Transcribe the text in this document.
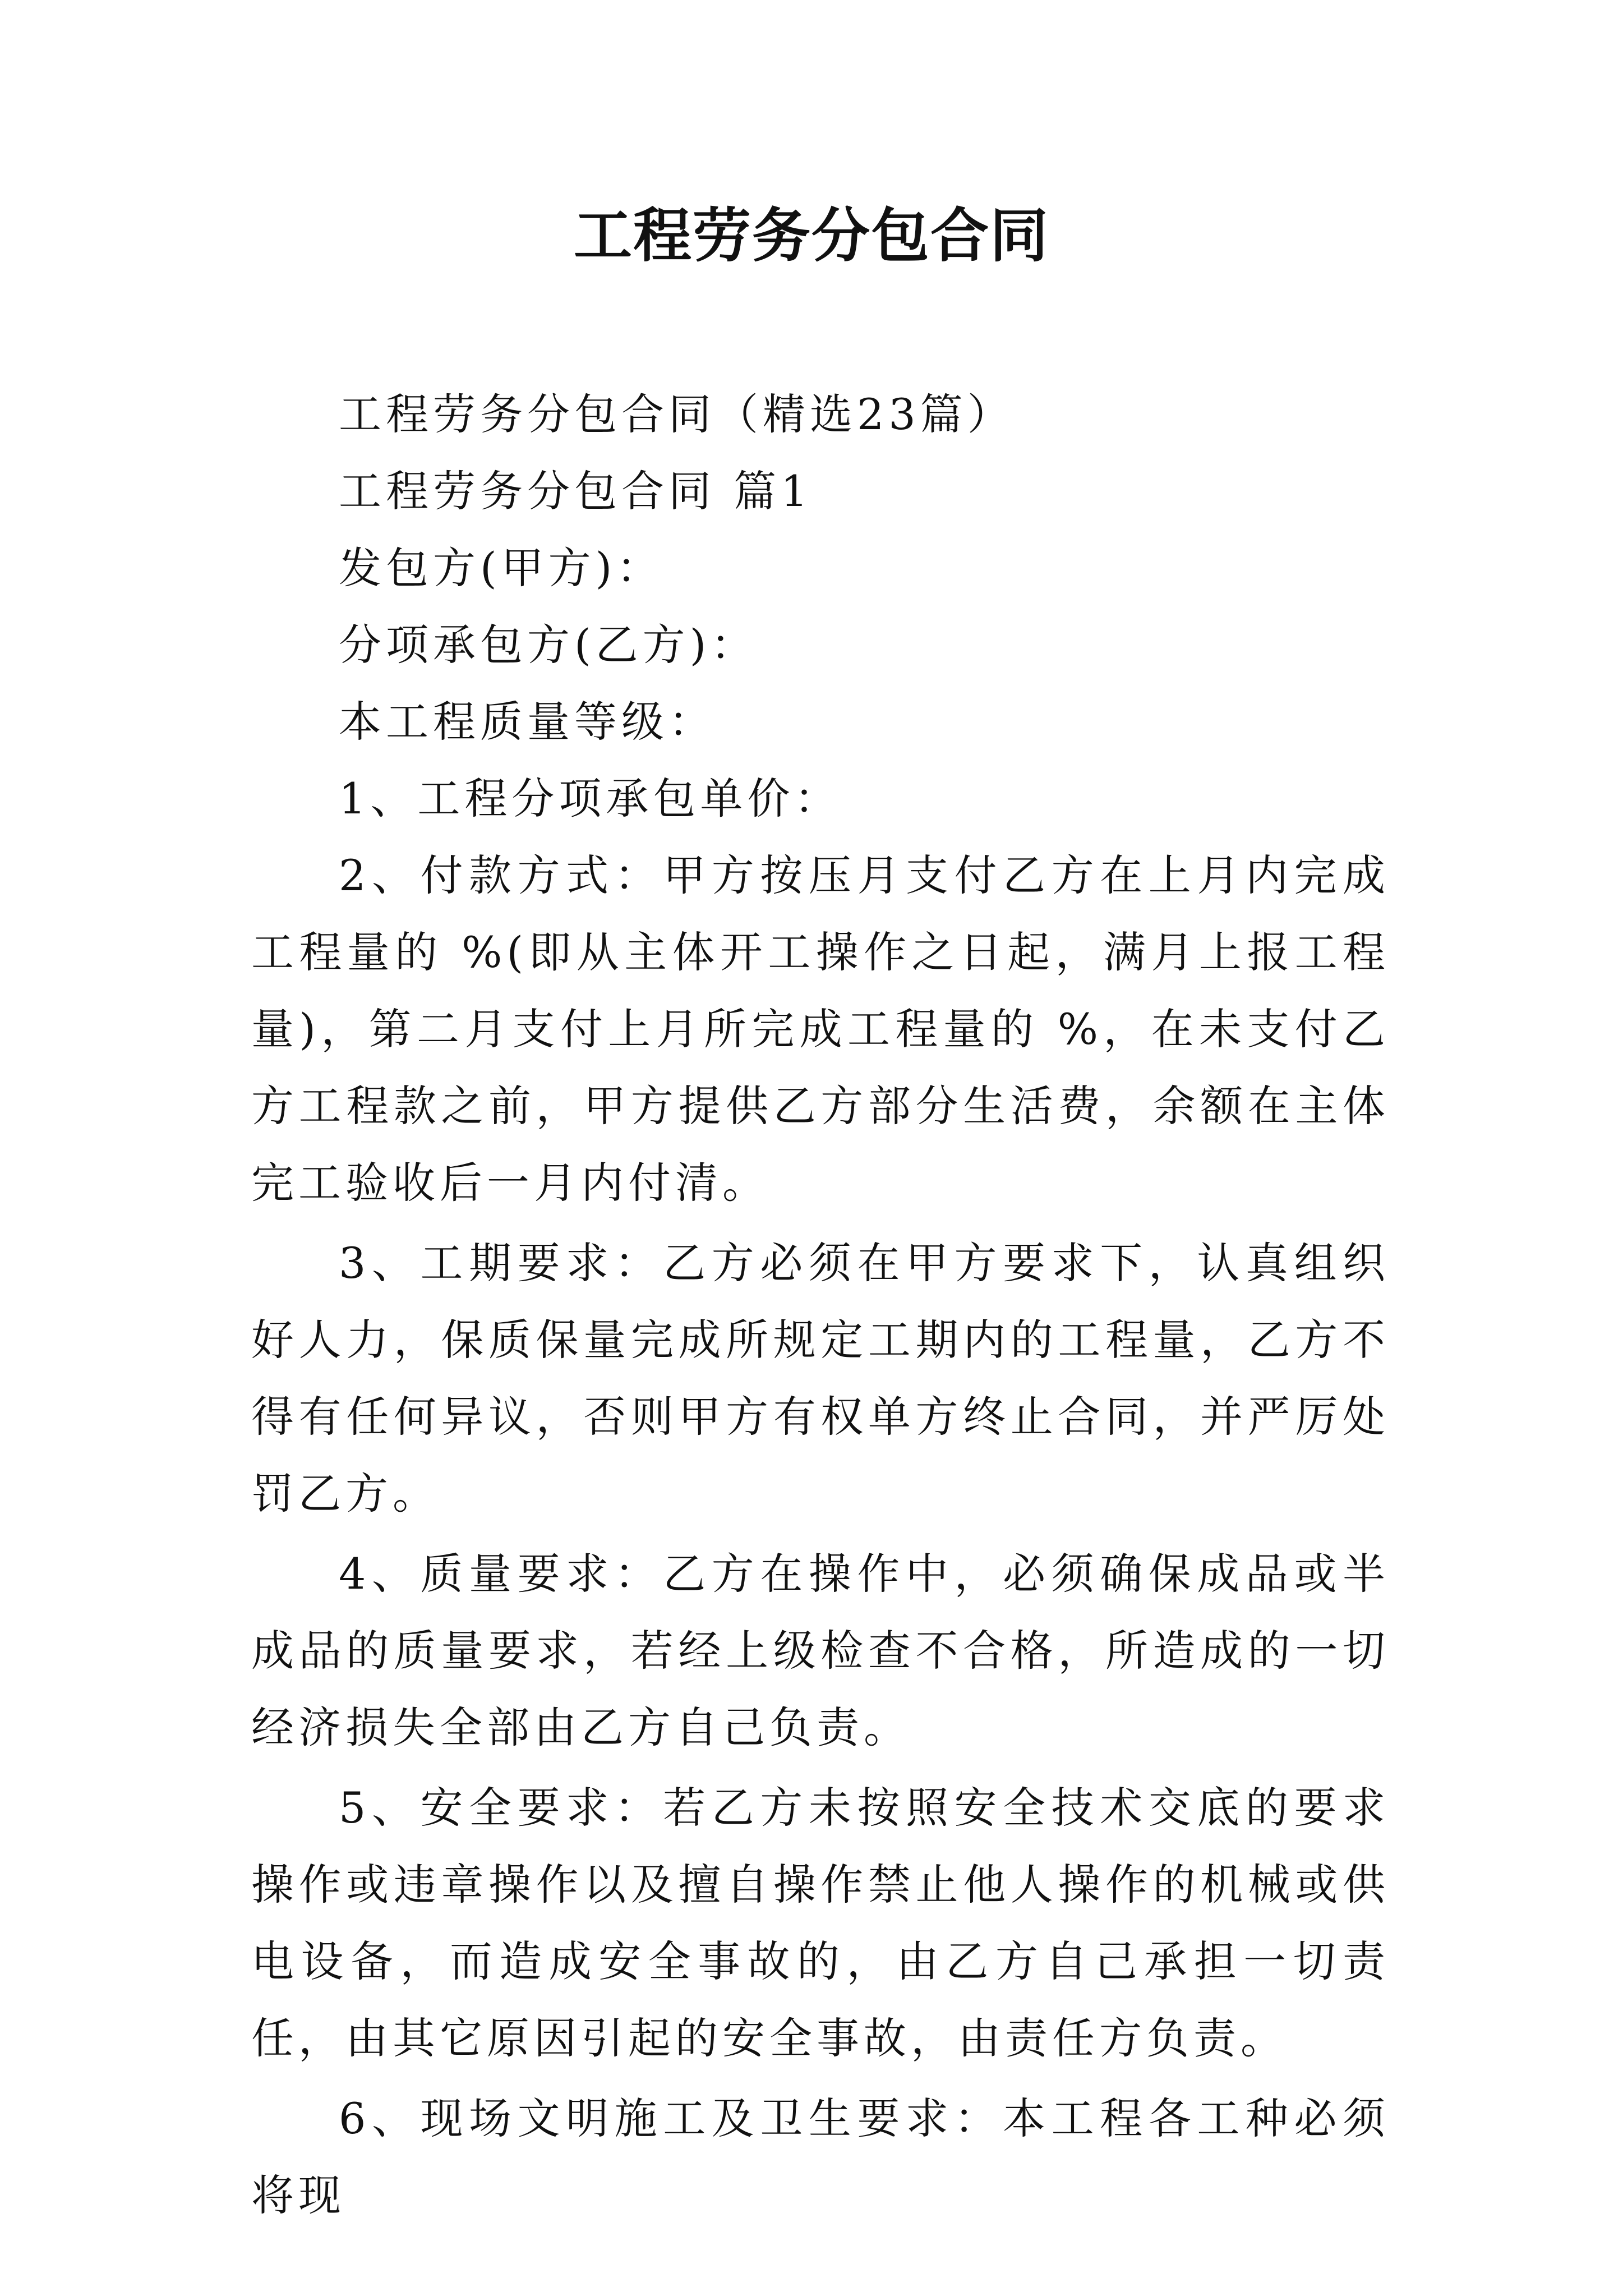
工程劳务分包合同

工程劳务分包合同（精选23篇）

工程劳务分包合同 篇1

发包方(甲方)：

分项承包方(乙方)：

本工程质量等级：

1、工程分项承包单价：

2、付款方式：甲方按压月支付乙方在上月内完成工程量的 %(即从主体开工操作之日起，满月上报工程量)，第二月支付上月所完成工程量的 %，在未支付乙方工程款之前，甲方提供乙方部分生活费，余额在主体完工验收后一月内付清。

3、工期要求：乙方必须在甲方要求下，认真组织好人力，保质保量完成所规定工期内的工程量，乙方不得有任何异议，否则甲方有权单方终止合同，并严厉处罚乙方。

4、质量要求：乙方在操作中，必须确保成品或半成品的质量要求，若经上级检查不合格，所造成的一切经济损失全部由乙方自己负责。

5、安全要求：若乙方未按照安全技术交底的要求操作或违章操作以及擅自操作禁止他人操作的机械或供电设备，而造成安全事故的，由乙方自己承担一切责任，由其它原因引起的安全事故，由责任方负责。

6、现场文明施工及卫生要求：本工程各工种必须将现
